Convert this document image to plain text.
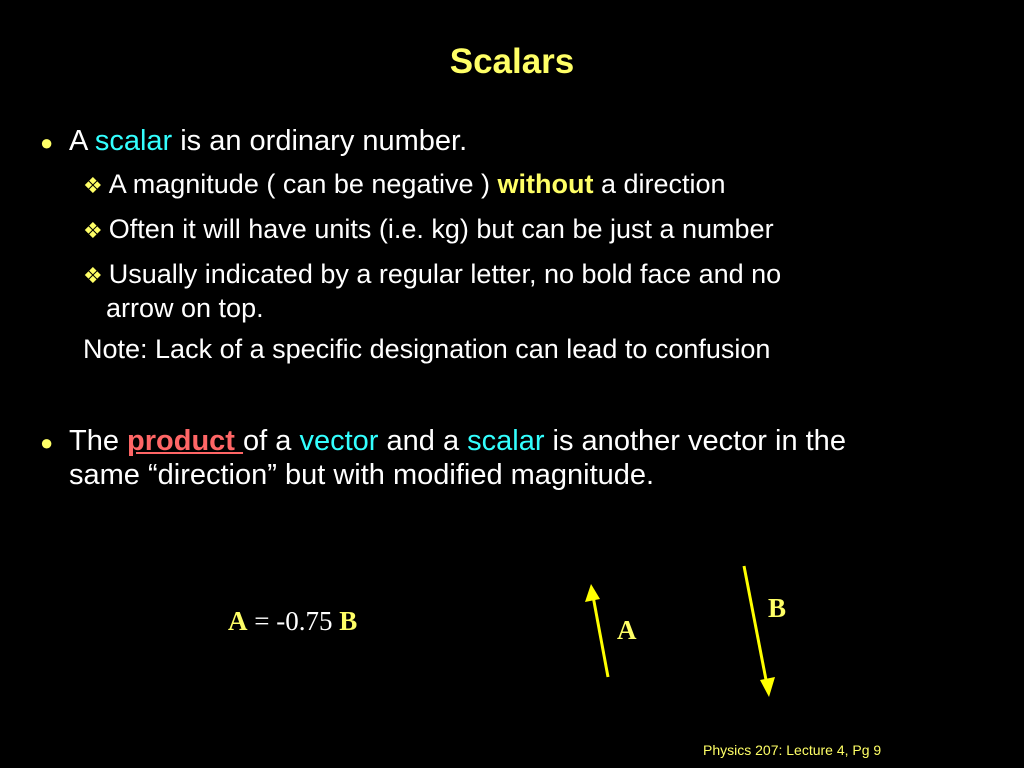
Scalars
● A scalar is an ordinary number.
❖ A magnitude ( can be negative ) without a direction
❖ Often it will have units (i.e. kg) but can be just a number
❖ Usually indicated by a regular letter, no bold face and no
arrow on top.
Note: Lack of a specific designation can lead to confusion
● The product of a vector and a scalar is another vector in the
same “direction” but with modified magnitude.
A = -0.75 B	A
B
Physics 207: Lecture 4, Pg 9
